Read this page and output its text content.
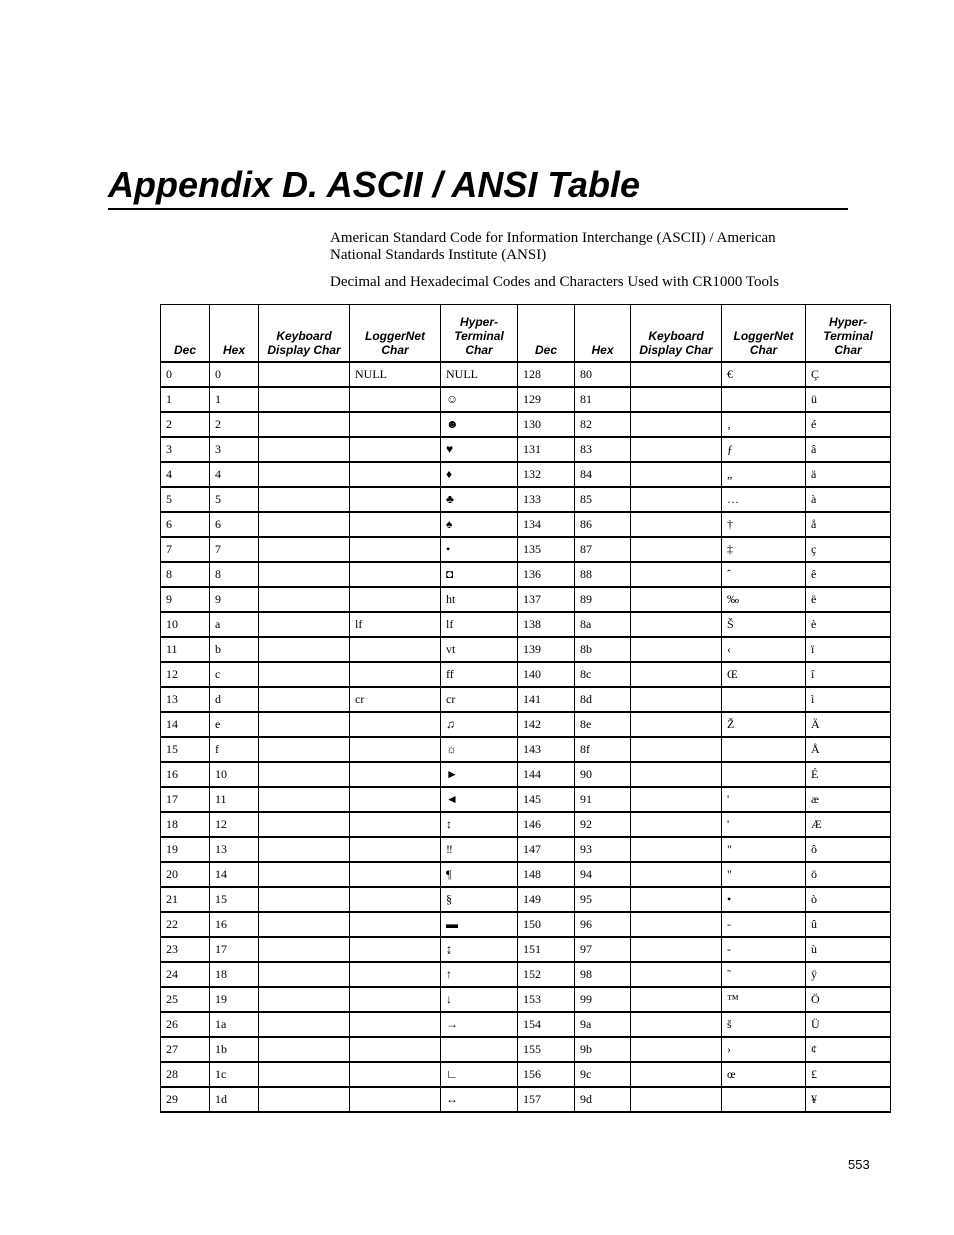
Appendix D. ASCII / ANSI Table

American Standard Code for Information Interchange (ASCII) / American National Standards Institute (ANSI)

Decimal and Hexadecimal Codes and Characters Used with CR1000 Tools

Dec	Hex	Keyboard Display Char	LoggerNet Char	Hyper-Terminal Char	Dec	Hex	Keyboard Display Char	LoggerNet Char	Hyper-Terminal Char
0	0		NULL	NULL	128	80		€	Ç
1	1			☺	129	81			ü
2	2			☻	130	82		‚	é
3	3			♥	131	83		ƒ	â
4	4			♦	132	84		„	ä
5	5			♣	133	85		…	à
6	6			♠	134	86		†	å
7	7			•	135	87		‡	ç
8	8			◘	136	88		ˆ	ê
9	9			ht	137	89		‰	ë
10	a		lf	lf	138	8a		Š	è
11	b			vt	139	8b		‹	ï
12	c			ff	140	8c		Œ	î
13	d		cr	cr	141	8d			ì
14	e			♫	142	8e		Ž	Ä
15	f			☼	143	8f			Å
16	10			►	144	90			É
17	11			◄	145	91		'	æ
18	12			↕	146	92		'	Æ
19	13			‼	147	93		"	ô
20	14			¶	148	94		"	ö
21	15			§	149	95		•	ò
22	16			▬	150	96		-	û
23	17			↨	151	97		-	ù
24	18			↑	152	98		˜	ÿ
25	19			↓	153	99		™	Ö
26	1a			→	154	9a		š	Ü
27	1b				155	9b		›	¢
28	1c			∟	156	9c		œ	£
29	1d			↔	157	9d			¥
553
